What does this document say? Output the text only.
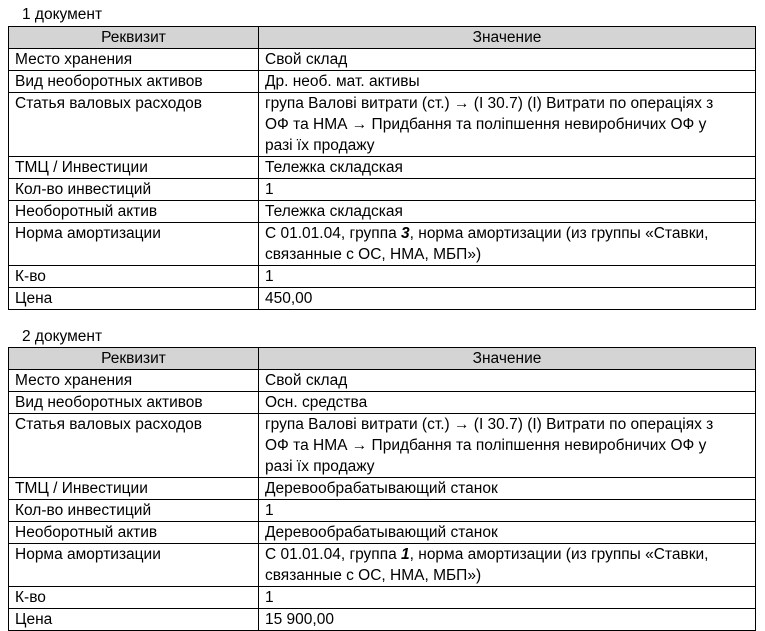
1 документ
Реквизит	Значение
Место хранения	Свой склад
Вид необоротных активов	Др. необ. мат. активы
Статья валовых расходов	група Валові витрати (ст.) → (І 30.7) (І) Витрати по операціях з ОФ та НМА → Придбання та поліпшення невиробничих ОФ у разі їх продажу
ТМЦ / Инвестиции	Тележка складская
Кол-во инвестиций	1
Необоротный актив	Тележка складская
Норма амортизации	С 01.01.04, группа 3, норма амортизации (из группы «Ставки, связанные с ОС, НМА, МБП»)
К-во	1
Цена	450,00
2 документ
Реквизит	Значение
Место хранения	Свой склад
Вид необоротных активов	Осн. средства
Статья валовых расходов	група Валові витрати (ст.) → (І 30.7) (І) Витрати по операціях з ОФ та НМА → Придбання та поліпшення невиробничих ОФ у разі їх продажу
ТМЦ / Инвестиции	Деревообрабатывающий станок
Кол-во инвестиций	1
Необоротный актив	Деревообрабатывающий станок
Норма амортизации	С 01.01.04, группа 1, норма амортизации (из группы «Ставки, связанные с ОС, НМА, МБП»)
К-во	1
Цена	15 900,00
